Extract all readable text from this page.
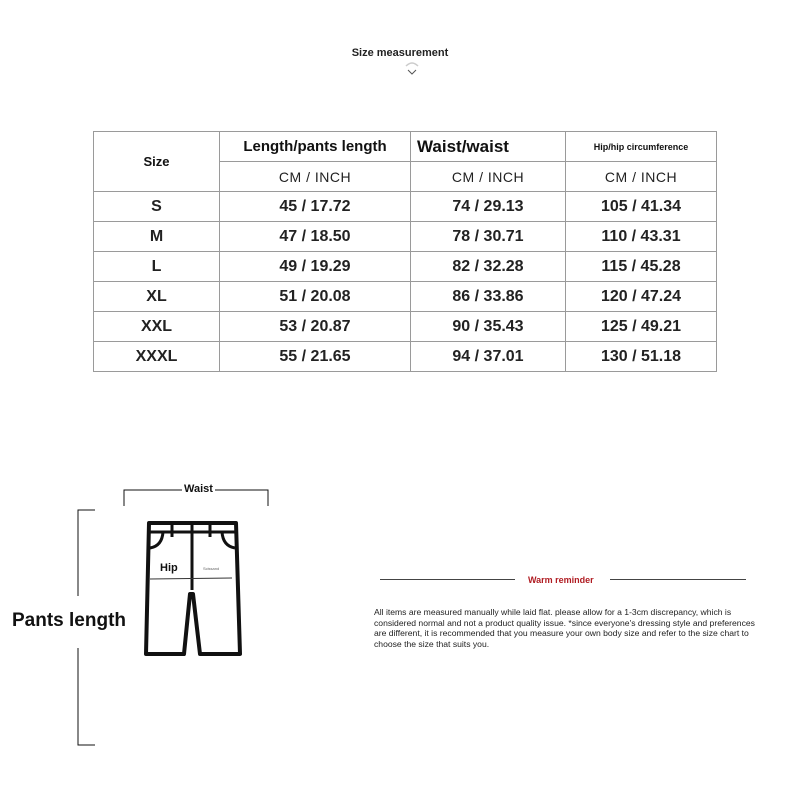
Size measurement
Size	Length/pants length	Waist/waist	Hip/hip circumference
	CM / INCH	CM / INCH	CM / INCH
S	45 / 17.72	74 / 29.13	105 / 41.34
M	47 / 18.50	78 / 30.71	110 / 43.31
L	49 / 19.29	82 / 32.28	115 / 45.28
XL	51 / 20.08	86 / 33.86	120 / 47.24
XXL	53 / 20.87	90 / 35.43	125 / 49.21
XXXL	55 / 21.65	94 / 37.01	130 / 51.18
Waist
Hip	Scissand
Pants length
Warm reminder
All items are measured manually while laid flat. please allow for a 1-3cm discrepancy, which is considered normal and not a product quality issue. *since everyone's dressing style and preferences are different, it is recommended that you measure your own body size and refer to the size chart to choose the size that suits you.
